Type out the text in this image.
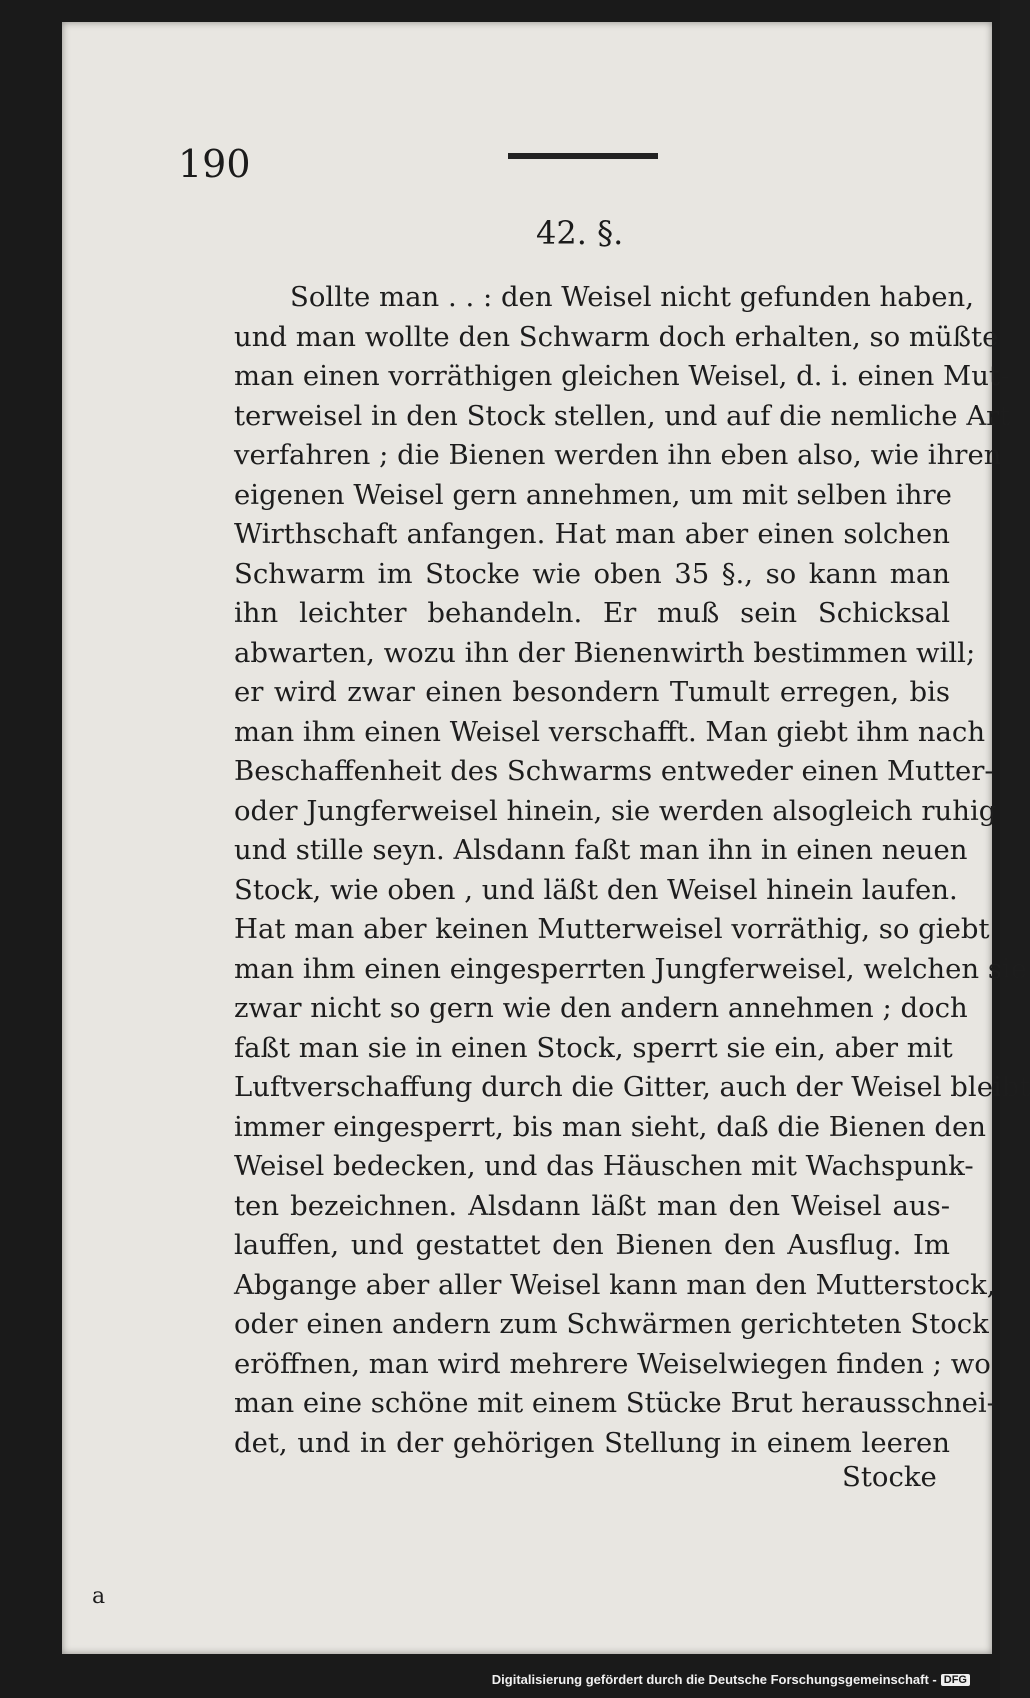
190
42. §.
Sollte man . . : den Weisel nicht gefunden haben,
und man wollte den Schwarm doch erhalten, so müßte
man einen vorräthigen gleichen Weisel, d. i. einen Mut-
terweisel in den Stock stellen, und auf die nemliche Art
verfahren ; die Bienen werden ihn eben also, wie ihren
eigenen Weisel gern annehmen, um mit selben ihre
Wirthschaft anfangen. Hat man aber einen solchen
Schwarm im Stocke wie oben 35 §., so kann man
ihn leichter behandeln. Er muß sein Schicksal
abwarten, wozu ihn der Bienenwirth bestimmen will;
er wird zwar einen besondern Tumult erregen, bis
man ihm einen Weisel verschafft. Man giebt ihm nach
Beschaffenheit des Schwarms entweder einen Mutter-
oder Jungferweisel hinein, sie werden alsogleich ruhig
und stille seyn. Alsdann faßt man ihn in einen neuen
Stock, wie oben , und läßt den Weisel hinein laufen.
Hat man aber keinen Mutterweisel vorräthig, so giebt
man ihm einen eingesperrten Jungferweisel, welchen sie
zwar nicht so gern wie den andern annehmen ; doch
faßt man sie in einen Stock, sperrt sie ein, aber mit
Luftverschaffung durch die Gitter, auch der Weisel bleibt
immer eingesperrt, bis man sieht, daß die Bienen den
Weisel bedecken, und das Häuschen mit Wachspunk-
ten bezeichnen. Alsdann läßt man den Weisel aus-
lauffen, und gestattet den Bienen den Ausflug. Im
Abgange aber aller Weisel kann man den Mutterstock,
oder einen andern zum Schwärmen gerichteten Stock
eröffnen, man wird mehrere Weiselwiegen finden ; wo
man eine schöne mit einem Stücke Brut herausschnei-
det, und in der gehörigen Stellung in einem leeren
Stocke
a
Digitalisierung gefördert durch die Deutsche Forschungsgemeinschaft - DFG
